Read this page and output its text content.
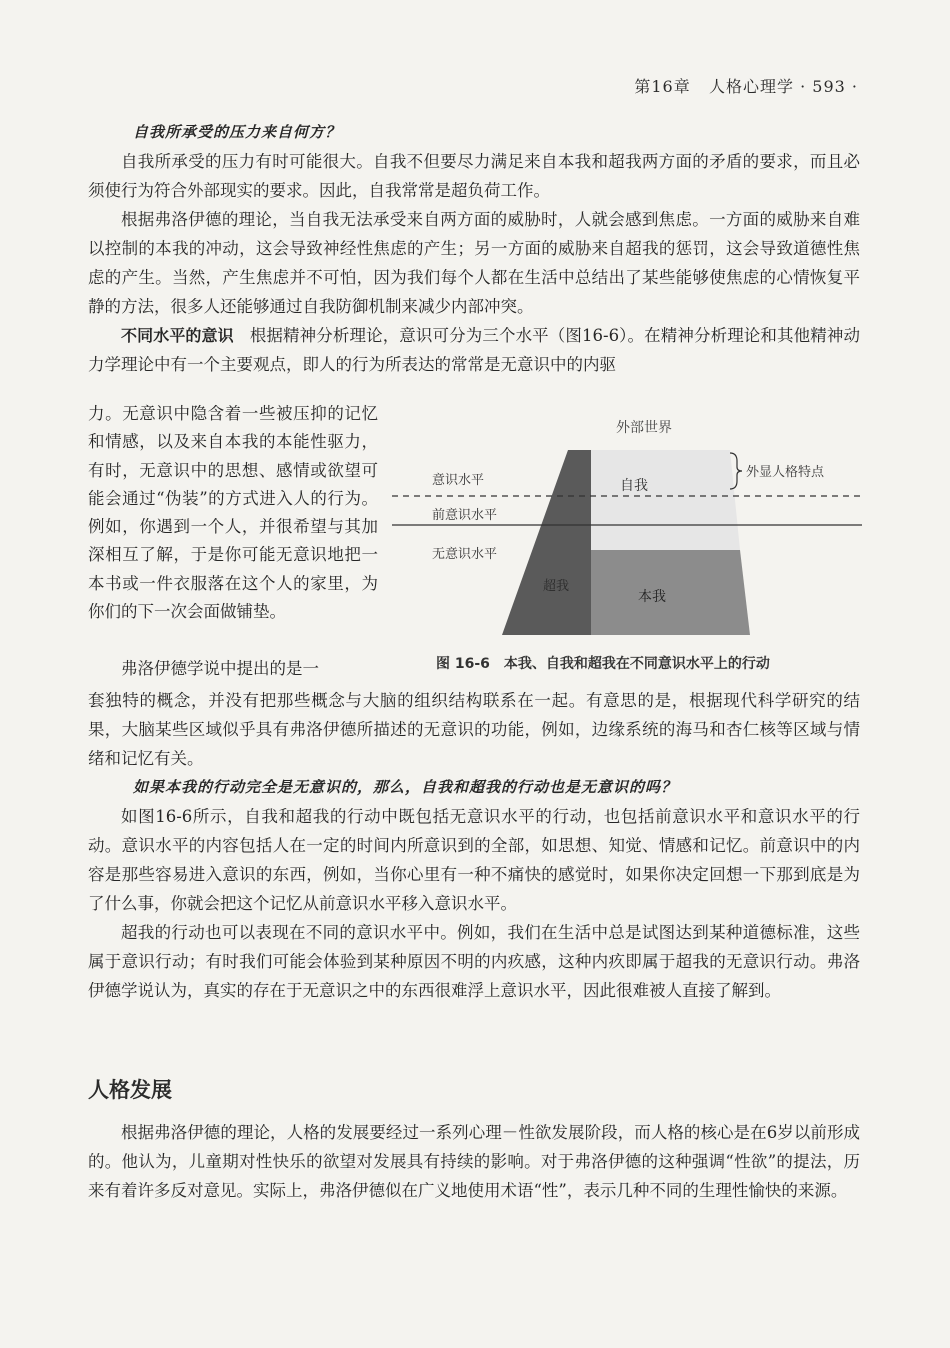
第16章 人格心理学 · 593 ·

自我所承受的压力来自何方？

自我所承受的压力有时可能很大。自我不但要尽力满足来自本我和超我两方面的矛盾的要求，而且必须使行为符合外部现实的要求。因此，自我常常是超负荷工作。

根据弗洛伊德的理论，当自我无法承受来自两方面的威胁时，人就会感到焦虑。一方面的威胁来自难以控制的本我的冲动，这会导致神经性焦虑的产生；另一方面的威胁来自超我的惩罚，这会导致道德性焦虑的产生。当然，产生焦虑并不可怕，因为我们每个人都在生活中总结出了某些能够使焦虑的心情恢复平静的方法，很多人还能够通过自我防御机制来减少内部冲突。

不同水平的意识 根据精神分析理论，意识可分为三个水平（图16-6）。在精神分析理论和其他精神动力学理论中有一个主要观点，即人的行为所表达的常常是无意识中的内驱

力。无意识中隐含着一些被压抑的记忆和情感，以及来自本我的本能性驱力，有时，无意识中的思想、感情或欲望可能会通过“伪装”的方式进入人的行为。例如，你遇到一个人，并很希望与其加深相互了解，于是你可能无意识地把一本书或一件衣服落在这个人的家里，为你们的下一次会面做铺垫。
弗洛伊德学说中提出的是一
外部世界
意识水平
前意识水平
无意识水平
自我
超我
本我
外显人格特点
图 16-6 本我、自我和超我在不同意识水平上的行动

套独特的概念，并没有把那些概念与大脑的组织结构联系在一起。有意思的是，根据现代科学研究的结果，大脑某些区域似乎具有弗洛伊德所描述的无意识的功能，例如，边缘系统的海马和杏仁核等区域与情绪和记忆有关。

如果本我的行动完全是无意识的，那么，自我和超我的行动也是无意识的吗？

如图16-6所示，自我和超我的行动中既包括无意识水平的行动，也包括前意识水平和意识水平的行动。意识水平的内容包括人在一定的时间内所意识到的全部，如思想、知觉、情感和记忆。前意识中的内容是那些容易进入意识的东西，例如，当你心里有一种不痛快的感觉时，如果你决定回想一下那到底是为了什么事，你就会把这个记忆从前意识水平移入意识水平。

超我的行动也可以表现在不同的意识水平中。例如，我们在生活中总是试图达到某种道德标准，这些属于意识行动；有时我们可能会体验到某种原因不明的内疚感，这种内疚即属于超我的无意识行动。弗洛伊德学说认为，真实的存在于无意识之中的东西很难浮上意识水平，因此很难被人直接了解到。

人格发展

根据弗洛伊德的理论，人格的发展要经过一系列心理－性欲发展阶段，而人格的核心是在6岁以前形成的。他认为，儿童期对性快乐的欲望对发展具有持续的影响。对于弗洛伊德的这种强调“性欲”的提法，历来有着许多反对意见。实际上，弗洛伊德似在广义地使用术语“性”，表示几种不同的生理性愉快的来源。
